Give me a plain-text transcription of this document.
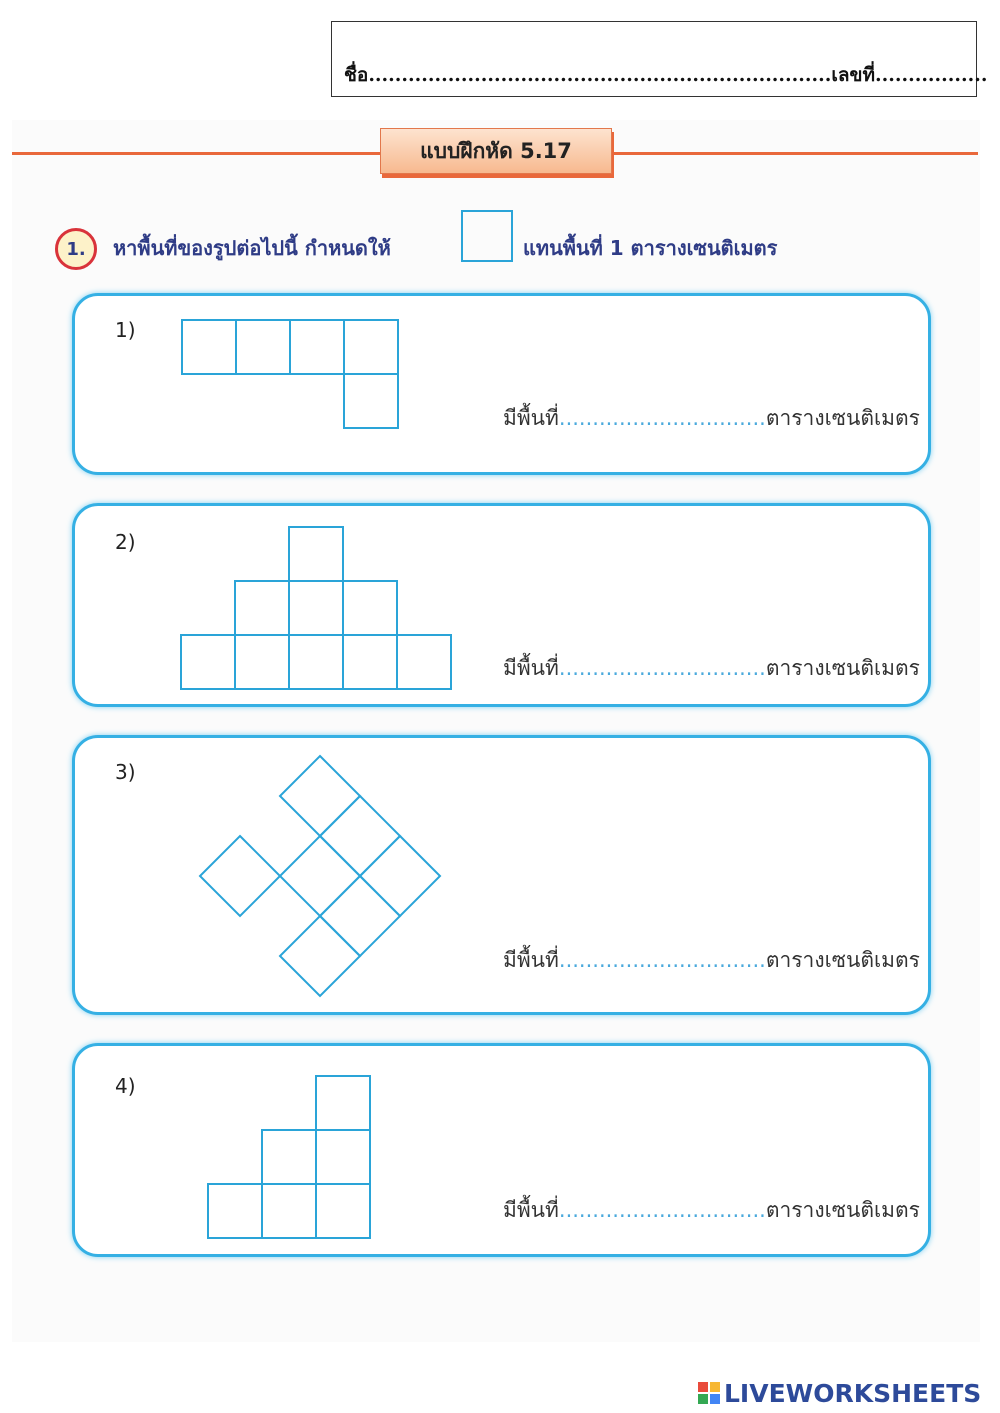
ชื่อ......................................................................เลขที่.................
แบบฝึกหัด 5.17
1.	หาพื้นที่ของรูปต่อไปนี้ กำหนดให้	แทนพื้นที่ 1 ตารางเซนติเมตร
1)
มีพื้นที่...............................ตารางเซนติเมตร
2)
มีพื้นที่...............................ตารางเซนติเมตร
3)
มีพื้นที่...............................ตารางเซนติเมตร
4)
มีพื้นที่...............................ตารางเซนติเมตร
LIVEWORKSHEETS
